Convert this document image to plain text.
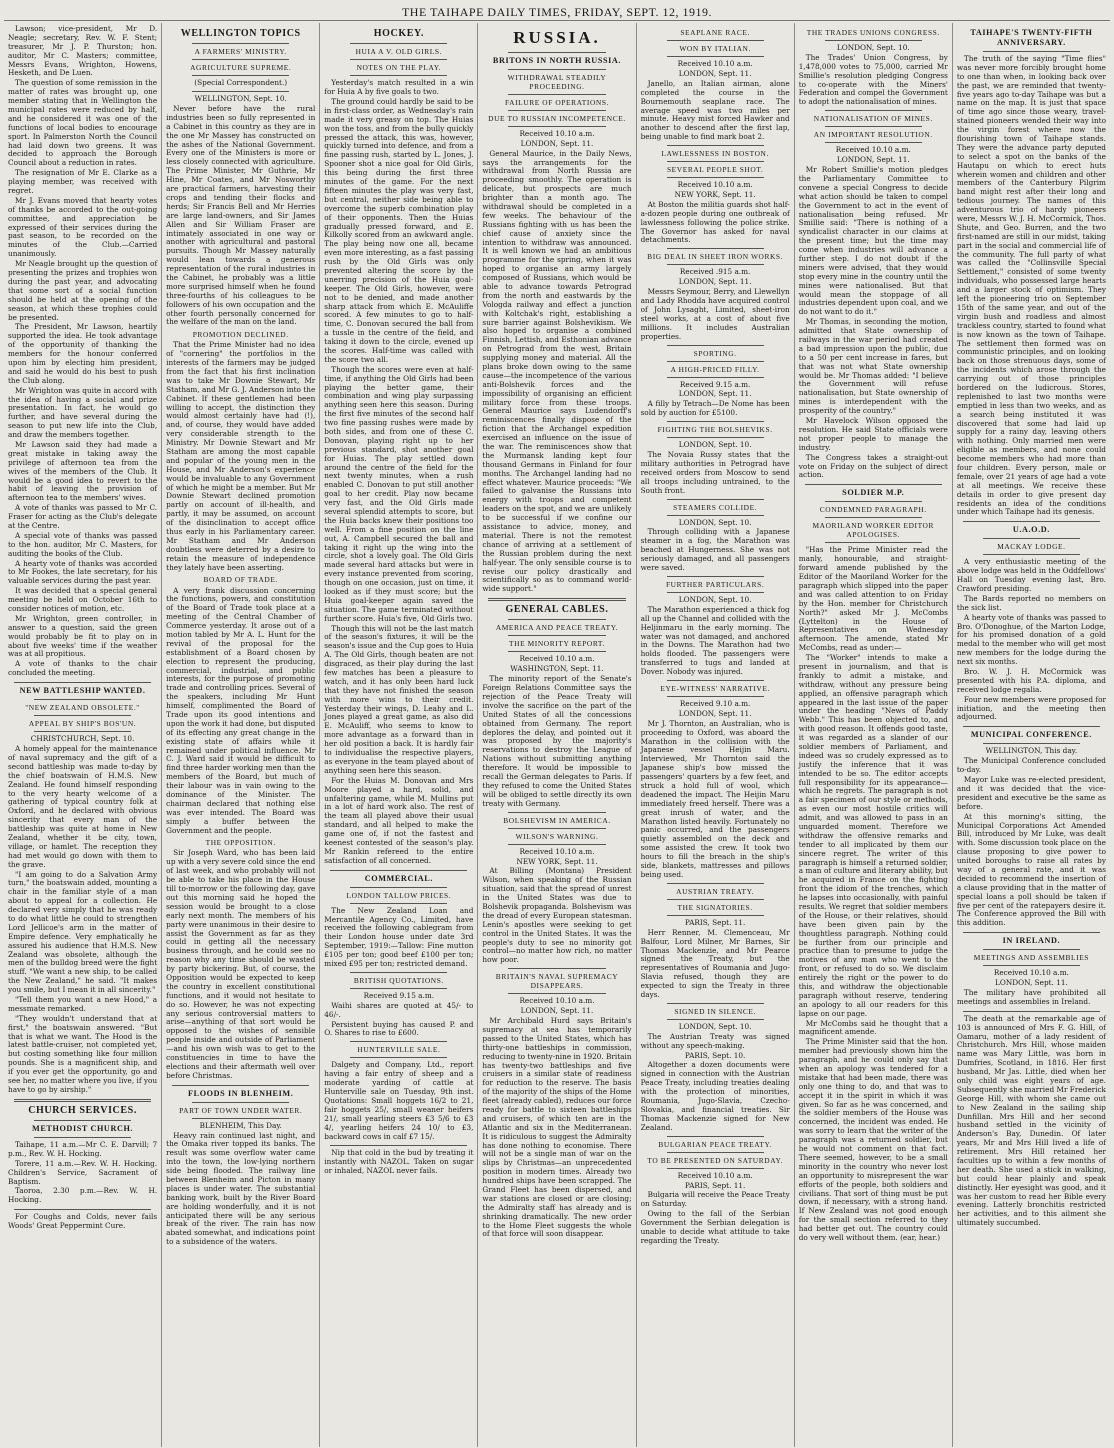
THE TAIHAPE DAILY TIMES, FRIDAY, SEPT. 12, 1919.

Lawson; vice-president, Mr D. Neagle; secretary, Rev. W. F. Stent; treasurer, Mr J. P. Thurston; hon. auditor, Mr C. Masters; committee, Messrs Evans, Wrighton, Howens, Hesketh, and De Luen.

The question of some remission in the matter of rates was brought up, one member stating that in Wellington the municipal rates were reduced by half, and he considered it was one of the functions of local bodies to encourage sport. In Palmerston North the Council had laid down two greens. It was decided to approach the Borough Council about a reduction in rates.

The resignation of Mr E. Clarke as a playing member, was received with regret.

Mr J. Evans moved that hearty votes of thanks be accorded to the out-going committee, and appreciation be expressed of their services during the past season, to be recorded on the minutes of the Club.—Carried unanimously.

Mr Neagle brought up the question of presenting the prizes and trophies won during the past year, and advocating that some sort of a social function should be held at the opening of the season, at which these trophies could be presented.

The President, Mr Lawson, heartily supported the idea. He took advantage of the opportunity of thanking the members for the honour conferred upon him by electing him president, and said he would do his best to push the Club along.

Mr Wrighton was quite in accord with the idea of having a social and prize presentation. In fact, he would go further, and have several during the season to put new life into the Club, and draw the members together.

Mr Lawson said they had made a great mistake in taking away the privilege of afternoon tea from the wives of the members of the Club. It would be a good idea to revert to the habit of leaving the provision of afternoon tea to the members' wives.

A vote of thanks was passed to Mr C. Fraser for acting as the Club's delegate at the Centre.

A special vote of thanks was passed to the hon. auditor, Mr C. Masters, for auditing the books of the Club.

A hearty vote of thanks was accorded to Mr Fookes, the late secretary, for his valuable services during the past year.

It was decided that a special general meeting be held on October 16th to consider notices of motion, etc.

Mr Wrighton, green controller, in answer to a question, said the green would probably be fit to play on in about five weeks' time if the weather was at all propitious.

A vote of thanks to the chair concluded the meeting.

NEW BATTLESHIP WANTED.
"NEW ZEALAND OBSOLETE."
APPEAL BY SHIP'S BOS'UN.

CHRISTCHURCH, Sept. 10.

A homely appeal for the maintenance of naval supremacy and the gift of a second battleship was made to-day by the chief boatswain of H.M.S. New Zealand. He found himself responding to the very hearty welcome of a gathering of typical country folk at Oxford, and he declared with obvious sincerity that every man of the battleship was quite at home in New Zealand, whether it be city, town, village, or hamlet. The reception they had met would go down with them to the grave.

"I am going to do a Salvation Army turn," the boatswain added, mounting a chair in the familiar style of a man about to appeal for a collection. He declared very simply that he was ready to do what little he could to strengthen Lord Jellicoe's arm in the matter of Empire defence. Very emphatically he assured his audience that H.M.S. New Zealand was obsolete, although the men of the bulldog breed were the fight stuff. "We want a new ship, to be called the New Zealand," he said. "It makes you smile, but I mean it in all sincerity."

"Tell them you want a new Hood," a messmate remarked.

"They wouldn't understand that at first," the boatswain answered. "But that is what we want. The Hood is the latest battle-cruiser, not completed yet, but costing something like four million pounds. She is a magnificent ship, and if you ever get the opportunity, go and see her, no matter where you live, if you have to go by airship."

CHURCH SERVICES.
METHODIST CHURCH.

Taihape, 11 a.m.—Mr C. E. Darvill; 7 p.m., Rev. W. H. Hocking.

Torere, 11 a.m.—Rev. W. H. Hocking. Children's Service, Sacrament of Baptism.

Taoroa, 2.30 p.m.—Rev. W. H. Hocking.

For Coughs and Colds, never fails Woods' Great Peppermint Cure.

WELLINGTON TOPICS
A FARMERS' MINISTRY.
AGRICULTURE SUPREME.
(Special Correspondent.)

WELLINGTON, Sept. 10.

Never before have the rural industries been so fully represented in a Cabinet in this country as they are in the one Mr Massey has constructed on the ashes of the National Government. Every one of the Ministers is more or less closely connected with agriculture. The Prime Minister, Mr Guthrie, Mr Hine, Mr Coates, and Mr Nosworthy are practical farmers, harvesting their crops and tending their flocks and herds; Sir Francis Bell and Mr Herries are large land-owners, and Sir James Allen and Sir William Fraser are intimately associated in one way or another with agricultural and pastoral pursuits. Though Mr Massey naturally would lean towards a generous representation of the rural industries in the Cabinet, he probably was a little more surprised himself when he found three-fourths of his colleagues to be followers of his own occupation and the other fourth personally concerned for the welfare of the man on the land.

PROMOTION DECLINED.

That the Prime Minister had no idea of "cornering" the portfolios in the interests of the farmers may be judged from the fact that his first inclination was to take Mr Downie Stewart, Mr Statham, and Mr G. J. Anderson into the Cabinet. If these gentlemen had been willing to accept, the distinction they would almost certainly have had (!), and, of course, they would have added very considerable strength to the Ministry. Mr Downie Stewart and Mr Statham are among the most capable and popular of the young men in the House, and Mr Anderson's experience would be invaluable to any Government of which he might be a member. But Mr Downie Stewart declined promotion partly on account of ill-health, and partly, it may be assumed, on account of the disinclination to accept office thus early in his Parliamentary career. Mr Statham and Mr Anderson doubtless were deterred by a desire to retain the measure of independence they lately have been asserting.

BOARD OF TRADE.

A very frank discussion concerning the functions, powers, and constitution of the Board of Trade took place at a meeting of the Central Chamber of Commerce yesterday. It arose out of a motion tabled by Mr A. L. Hunt for the revival of the proposal for the establishment of a Board chosen by election to represent the producing, commercial, industrial, and public interests, for the purpose of promoting trade and controlling prices. Several of the speakers, including Mr Hunt himself, complimented the Board of Trade upon its good intentions and upon the work it had done, but disputed of its effecting any great change in the existing state of affairs while it remained under political influence. Mr C. J. Ward said it would be difficult to find three harder working men than the members of the Board, but much of their labour was in vain owing to the dominance of the Minister. The chairman declared that nothing else was ever intended. The Board was simply a buffer between the Government and the people.

THE OPPOSITION.

Sir Joseph Ward, who has been laid up with a very severe cold since the end of last week, and who probably will not be able to take his place in the House till to-morrow or the following day, gave out this morning said he hoped the session would be brought to a close early next month. The members of his party were unanimous in their desire to assist the Government as far as they could in getting all the necessary business through, and he could see no reason why any time should be wasted by party bickering. But, of course, the Opposition would be expected to keep the country in excellent constitutional functions, and it would not hesitate to do so. However, he was not expecting any serious controversial matters to arise—anything of that sort would be opposed to the wishes of sensible people inside and outside of Parliament—and his own wish was to get to the constituencies in time to have the elections and their aftermath well over before Christmas.

FLOODS IN BLENHEIM.
PART OF TOWN UNDER WATER.

BLENHEIM, This Day.

Heavy rain continued last night, and the Omaka river topped its banks. The result was some overflow water came into the town, the low-lying northern side being flooded. The railway line between Blenheim and Picton in many places is under water. The substantial banking work, built by the River Board are holding wonderfully, and it is not anticipated there will be any serious break of the river. The rain has now abated somewhat, and indications point to a subsidence of the waters.

HOCKEY.
HUIA A V. OLD GIRLS.
NOTES ON THE PLAY.

Yesterday's match resulted in a win for Huia A by five goals to two.

The ground could hardly be said to be in first-class order, as Wednesday's rain made it very greasy on top. The Huias won the toss, and from the bully quickly pressed the attack, this was, however, quickly turned into defence, and from a fine passing rush, started by L. Jones, J. Spooner shot a nice goal for Old Girls, this being during the first three minutes of the game. For the next fifteen minutes the play was very fast, but central, neither side being able to overcome the superb combination play of their opponents. Then the Huias gradually pressed forward, and E. Kilkolly scored from an awkward angle. The play being now one all, became even more interesting, as a fast passing rush by the Old Girls was only prevented altering the score by the unerring precision of the Huia goal-keeper. The Old Girls, however, were not to be denied, and made another sharp attack from which E. McAuliffe scored. A few minutes to go to half-time, C. Donovan secured the ball from a tussle in the centre of the field, and taking it down to the circle, evened up the scores. Half-time was called with the score two all.

Though the scores were even at half-time, if anything the Old Girls had been playing the better game, their combination and wing play surpassing anything seen here this season. During the first five minutes of the second half two fine passing rushes were made by both sides, and from one of these C. Donovan, playing right up to her previous standard, shot another goal for Huias. The play settled down around the centre of the field for the next twenty minutes, when a rush enabled C. Donovan to put still another goal to her credit. Play now became very fast, and the Old Girls made several splendid attempts to score, but the Huia backs knew their positions too well. From a fine position on the line out, A. Campbell secured the ball and taking it right up the wing into the circle, shot a lovely goal. The Old Girls made several hard attacks but were in every instance prevented from scoring, though on one occasion, just on time, it looked as if they must score; but the Huia goal-keeper again saved the situation. The game terminated without further score. Huia's five, Old Girls two.

Though this will not be the last match of the season's fixtures, it will be the season's issue and the Cup goes to Huia A. The Old Girls, though beaten are not disgraced, as their play during the last few matches has been a pleasure to watch, and it has only been hard luck that they have not finished the season with more wins to their credit. Yesterday their wings, D. Leahy and L. Jones played a great game, as also did E. McAuliff, who seems to know to more advantage as a forward than in her old position a back. It is hardly fair to individualise the respective players, as everyone in the team played about of anything seen here this season.

For the Huias M. Donovan and Mrs Moore played a hard, solid, and unfaltering game, while M. Mullins put in a lot of hard work also. The rest of the team all played above their usual standard, and all helped to make the game one of, if not the fastest and keenest contested of the season's play. Mr Rankin refereed to the entire satisfaction of all concerned.

COMMERCIAL.
LONDON TALLOW PRICES.

The New Zealand Loan and Mercantile Agency Co., Limited, have received the following cablegram from their London house under date 3rd September, 1919:—Tallow: Fine mutton £105 per ton; good beef £100 per ton; mixed £95 per ton; restricted demand.

BRITISH QUOTATIONS.

Received 9.15 a.m.

Waihi shares are quoted at 45/- to 46/-.

Persistent buying has caused P. and O. Shares to rise to £600.

HUNTERVILLE SALE.

Dalgety and Company, Ltd., report having a fair entry of sheep and a moderate yarding of cattle at Hunterville sale on Tuesday, 9th inst. Quotations: Small hoggets 16/2 to 21, fair hoggets 25/, small weaner heifers 21/, small yearling steers £3 5/6 to £3 4/, yearling heifers 24 10/ to £3, backward cows in calf £7 15/.

Nip that cold in the bud by treating it instantly with NAZOL. Taken on sugar or inhaled, NAZOL never fails.

RUSSIA.
BRITONS IN NORTH RUSSIA.
WITHDRAWAL STEADILY PROCEEDING.
FAILURE OF OPERATIONS.
DUE TO RUSSIAN INCOMPETENCE.

Received 10.10 a.m.

LONDON, Sept. 11.

General Maurice, in the Daily News, says the arrangements for the withdrawal from North Russia are proceeding smoothly. The operation is delicate, but prospects are much brighter than a month ago. The withdrawal should be completed in a few weeks. The behaviour of the Russians fighting with us has been the chief cause of anxiety since the intention to withdraw was announced. It is well known we had an ambitious programme for the spring, when it was hoped to organise an army largely composed of Russians, which would be able to advance towards Petrograd from the north and eastwards by the Vologda railway and effect a junction with Koltchak's right, establishing a sure barrier against Bolshevikism. We also hoped to organise a combined Finnish, Lettish, and Esthonian advance on Petrograd from the west, Britain supplying money and material. All the plans broke down owing to the same cause—the incompetence of the various anti-Bolshevik forces and the impossibility of organising an efficient military force from these troops. General Maurice says Ludendorff's reminiscences finally dispose of the fiction that the Archangel expedition exercised an influence on the issue of the war. The reminiscences show that the Murmansk landing kept four thousand Germans in Finland for four months. The Archangel landing had no effect whatever. Maurice proceeds: "We failed to galvanise the Russians into energy with troops and competent leaders on the spot, and we are unlikely to be successful if we confine our assistance to advice, money, and material. There is not the remotest chance of arriving at a settlement of the Russian problem during the next half-year. The only sensible course is to revise our policy drastically and scientifically so as to command world-wide support."

GENERAL CABLES.
AMERICA AND PEACE TREATY.
THE MINORITY REPORT.

Received 10.10 a.m.

WASHINGTON, Sept. 11.

The minority report of the Senate's Foreign Relations Committee says the rejection of the Peace Treaty will involve the sacrifice on the part of the United States of all the concessions obtained from Germany. The report deplores the delay, and pointed out it was proposed by the majority's reservations to destroy the League of Nations without submitting anything therefore. It would be impossible to recall the German delegates to Paris. If they refused to come the United States will be obliged to settle directly its own treaty with Germany.

BOLSHEVISM IN AMERICA.
WILSON'S WARNING.

Received 10.10 a.m.

NEW YORK, Sept. 11.

At Billing (Montana) President Wilson, when speaking of the Russian situation, said that the spread of unrest in the United States was due to Bolshevik propaganda. Bolshevism was the dread of every European statesman. Lenin's apostles were seeking to get control in the United States. It was the people's duty to see no minority got control—no matter how rich, no matter how poor.

BRITAIN'S NAVAL SUPREMACY DISAPPEARS.

Received 10.10 a.m.

LONDON, Sept. 11.

Mr Archibald Hurd says Britain's supremacy at sea has temporarily passed to the United States, which has thirty-one battleships in commission, reducing to twenty-nine in 1920. Britain has twenty-two battleships and five cruisers in a similar state of readiness for reduction to the reserve. The basis of the majority of the ships of the Home fleet (already cabled), reduces our force ready for battle to sixteen battleships and cruisers, of which ten are in the Atlantic and six in the Mediterranean. It is ridiculous to suggest the Admiralty has done nothing to economise. There will not be a single man of war on the slips by Christmas—an unprecedented position in modern times. Already two hundred ships have been scrapped. The Grand Fleet has been dispersed, and war stations are closed or are closing; the Admiralty staff has already and is shrinking dramatically. The new order to the Home Fleet suggests the whole of that force will soon disappear.

SEAPLANE RACE.
WON BY ITALIAN.

Received 10.10 a.m.

LONDON, Sept. 11.

Janello, an Italian airman, alone completed the course in the Bournemouth seaplane race. The average speed was two miles per minute. Heavy mist forced Hawker and another to descend after the first lap, being unable to find mark boat 2.

LAWLESSNESS IN BOSTON.
SEVERAL PEOPLE SHOT.

Received 10.10 a.m.

NEW YORK, Sept. 11.

At Boston the militia guards shot half-a-dozen people during one outbreak of lawlessness following the police strike. The Governor has asked for naval detachments.

BIG DEAL IN SHEET IRON WORKS.

Received .915 a.m.

LONDON, Sept. 11.

Messrs Seymour, Berry, and Llewellyn and Lady Rhodda have acquired control of John Lysaght, Limited, sheet-iron steel works, at a cost of about five millions. It includes Australian properties.

SPORTING.
A HIGH-PRICED FILLY.

Received 9.15 a.m.

LONDON, Sept. 11.

A filly by Tetrach—De Nome has been sold by auction for £5100.

FIGHTING THE BOLSHEVIKS.

LONDON, Sept. 10.

The Novaia Russy states that the military authorities in Petrograd have received orders from Moscow to send all troops including untrained, to the South front.

STEAMERS COLLIDE.

LONDON, Sept. 10.

Through colliding with a Japanese steamer in a fog, the Marathon was beached at Hungerness. She was not seriously damaged, and all passengers were saved.

FURTHER PARTICULARS.

LONDON, Sept. 10.

The Marathon experienced a thick fog all up the Channel and collided with the Heljinmaru in the early morning. The water was not damaged, and anchored in the Downs. The Marathon had two holds flooded. The passengers were transferred to tugs and landed at Dover. Nobody was injured.

EYE-WITNESS' NARRATIVE.

Received 9.10 a.m.

LONDON, Sept. 11.

Mr J. Thornton, an Australian, who is proceeding to Oxford, was aboard the Marathon in the collision with the Japanese vessel Heijin Maru. Interviewed, Mr Thornton said the Japanese ship's bow missed the passengers' quarters by a few feet, and struck a hold full of wool, which deadened the impact. The Heijin Maru immediately freed herself. There was a great inrush of water, and the Marathon listed heavily. Fortunately no panic occurred, and the passengers quietly assembled on the deck and some assisted the crew. It took two hours to fill the breach in the ship's side, blankets, mattresses and pillows being used.

AUSTRIAN TREATY.
THE SIGNATORIES.

PARIS, Sept. 11.

Herr Renner, M. Clemenceau, Mr Balfour, Lord Milner, Mr Barnes, Sir Thomas Mackenzie, and Mr Pearce signed the Treaty, but the representatives of Roumania and Jugo-Slavia refused, though they are expected to sign the Treaty in three days.

SIGNED IN SILENCE.

LONDON, Sept. 10.

The Austrian Treaty was signed without any speech-making.

PARIS, Sept. 10.

Altogether a dozen documents were signed in connection with the Austrian Peace Treaty, including treaties dealing with the protection of minorities, Roumania, Jugo-Slavia, Czecho-Slovakia, and financial treaties. Sir Thomas Mackenzie signed for New Zealand.

BULGARIAN PEACE TREATY.
TO BE PRESENTED ON SATURDAY.

Received 10.10 a.m.

PARIS, Sept. 11.

Bulgaria will receive the Peace Treaty on Saturday.

Owing to the fall of the Serbian Government the Serbian delegation is unable to decide what attitude to take regarding the Treaty.

THE TRADES UNIONS CONGRESS.

LONDON, Sept. 10.

The Trades' Union Congress, by 1,478,000 votes to 75,000, carried Mr Smillie's resolution pledging Congress to co-operate with the Miners' Federation and compel the Government to adopt the nationalisation of mines.

NATIONALISATION OF MINES.
AN IMPORTANT RESOLUTION.

Received 10.10 a.m.

LONDON, Sept. 11.

Mr Robert Smillie's motion pledges the Parliamentary Committee to convene a special Congress to decide what action should be taken to compel the Government to act in the event of nationalisation being refused. Mr Smillie said: "There is nothing of a syndicalist character in our claims at the present time; but the time may come when industries will advance a further step. I do not doubt if the miners were advised, that they would stop every mine in the country until the mines were nationalised. But that would mean the stoppage of all industries dependent upon coal, and we do not want to do it."

Mr Thomas, in seconding the motion, admitted that State ownership of railways in the war period had created a bad impression upon the public, due to a 50 per cent increase in fares, but that was not what State ownership would be. Mr Thomas added: "I believe the Government will refuse nationalisation, but State ownership of mines is interdependent with the prosperity of the country."

Mr Havelock Wilson opposed the resolution. He said State officials were not proper people to manage the industry.

The Congress takes a straight-out vote on Friday on the subject of direct action.

SOLDIER M.P.
CONDEMNED PARAGRAPH.
MAORILAND WORKER EDITOR APOLOGISES.

"Has the Prime Minister read the manly, honourable, and straight-forward amende published by the Editor of the Maoriland Worker for the paragraph which slipped into the paper and was called attention to on Friday by the Hon. member for Christchurch North?" asked Mr J. McCombs (Lyttelton) in the House of Representatives on Wednesday afternoon. The amende, stated Mr McCombs, read as under:—

The "Worker" intends to make a present in journalism, and that is frankly to admit a mistake, and withdraw, without any pressure being applied, an offensive paragraph which appeared in the last issue of the paper under the heading "News of Paddy Webb." This has been objected to, and with good reason. It offends good taste, it was regarded as a slander of our soldier members of Parliament, and indeed was so crudely expressed as to justify the inference that it was intended to be so. The editor accepts full responsibility for its appearance—which he regrets. The paragraph is not a fair specimen of our style or methods, as even our most hostile critics will admit, and was allowed to pass in an unguarded moment. Therefore we withdraw the offensive remarks and tender to all implicated by them our sincere regret. The writer of this paragraph is himself a returned soldier, a man of culture and literary ability, but he acquired in France on the fighting front the idiom of the trenches, which he lapses into occasionally, with painful results. We regret that soldier members of the House, or their relatives, should have been given pain by the thoughtless paragraph. Nothing could be further from our principle and practice than to presume to judge the motives of any man who went to the front, or refused to do so. We disclaim entirely the right or the power to do this, and withdraw the objectionable paragraph without reserve, tendering an apology to all our readers for this lapse on our page.

Mr McCombs said he thought that a magnificent amende.

The Prime Minister said that the hon. member had previously shown him the paragraph, and he could only say that when an apology was tendered for a mistake that had been made, there was only one thing to do, and that was to accept it in the spirit in which it was given. So far as he was concerned, and the soldier members of the House was concerned, the incident was ended. He was sorry to learn that the writer of the paragraph was a returned soldier, but he would not comment on that fact. There seemed, however, to be a small minority in the country who never lost an opportunity to misrepresent the war efforts of the people, both soldiers and civilians. That sort of thing must be put down, if necessary, with a strong hand. If New Zealand was not good enough for the small section referred to they had better get out. The country could do very well without them. (ear, hear.)

TAIHAPE'S TWENTY-FIFTH ANNIVERSARY.

The truth of the saying "Time flies" was never more forcibly brought home to one than when, in looking back over the past, we are reminded that twenty-five years ago to-day Taihape was but a name on the map. It is just that space of time ago since those weary, travel-stained pioneers wended their way into the virgin forest where now the flourishing town of Taihape stands. They were the advance party deputed to select a spot on the banks of the Hautapu on which to erect huts wherein women and children and other members of the Canterbury Pilgrim band might rest after their long and tedious journey. The names of this adventurous trio of hardy pioneers were, Messrs W. J. H. McCormick, Thos. Shute, and Geo. Burren, and the two first-named are still in our midst, taking part in the social and commercial life of the community. The full party of what was called the "Collinsville Special Settlement," consisted of some twenty individuals, who possessed large hearts and a larger stock of optimism. They left the pioneering trio on September 15th of the same year, and out of the virgin bush and roadless and almost trackless country, started to found what is now known as the town of Taihape. The settlement then formed was on communistic principles, and on looking back on those strenuous days, some of the incidents which arose through the carrying out of those principles bordered on the ludicrous. Stores, replenished to last two months were emptied in less than two weeks, and as a search being instituted it was discovered that some had laid up supply for a rainy day, leaving others with nothing. Only married men were eligible as members, and none could become members who had more than four children. Every person, male or female, over 21 years of age had a vote at all meetings. We receive these details in order to give present day residents an idea of the conditions under which Taihape had its genesis.

U.A.O.D.
MACKAY LODGE.

A very enthusiastic meeting of the above lodge was held in the Oddfellows' Hall on Tuesday evening last, Bro. Crawford presiding.

The Bards reported no members on the sick list.

A hearty vote of thanks was passed to Bro. O'Donoghue, of the Marton Lodge, for his promised donation of a gold medal to the member who will get most new members for the lodge during the next six months.

Bro. W. J. H. McCormick was presented with his P.A. diploma, and received lodge regalia.

Four new members were proposed for initiation, and the meeting then adjourned.

MUNICIPAL CONFERENCE.

WELLINGTON, This day.

The Municipal Conference concluded to-day.

Mayor Luke was re-elected president, and it was decided that the vice-president and executive be the same as before.

At this morning's sitting, the Municipal Corporations Act Amended Bill, introduced by Mr Luke, was dealt with. Some discussion took place on the clause proposing to give power to united boroughs to raise all rates by way of a general rate, and it was decided to recommend the insertion of a clause providing that in the matter of special loans a poll should be taken if five per cent of the ratepayers desire it. The Conference approved the Bill with this addition.

IN IRELAND.
MEETINGS AND ASSEMBLIES

Received 10.10 a.m.

LONDON, Sept. 11.

The military have prohibited all meetings and assemblies in Ireland.

The death at the remarkable age of 103 is announced of Mrs F. G. Hill, of Oamaru, mother of a lady resident of Christchurch. Mrs Hill, whose maiden name was Mary Little, was born in Dumfries, Scotland, in 1816. Her first husband, Mr Jas. Little, died when her only child was eight years of age. Subsequently she married Mr Frederick George Hill, with whom she came out to New Zealand in the sailing ship Dunfillan. Mrs Hill and her second husband settled in the vicinity of Anderson's Bay, Dunedin. Of later years, Mr and Mrs Hill lived a life of retirement. Mrs Hill retained her faculties up to within a few months of her death. She used a stick in walking, but could hear plainly and speak distinctly. Her eyesight was good, and it was her custom to read her Bible every evening. Latterly bronchitis restricted her activities, and to this ailment she ultimately succumbed.
